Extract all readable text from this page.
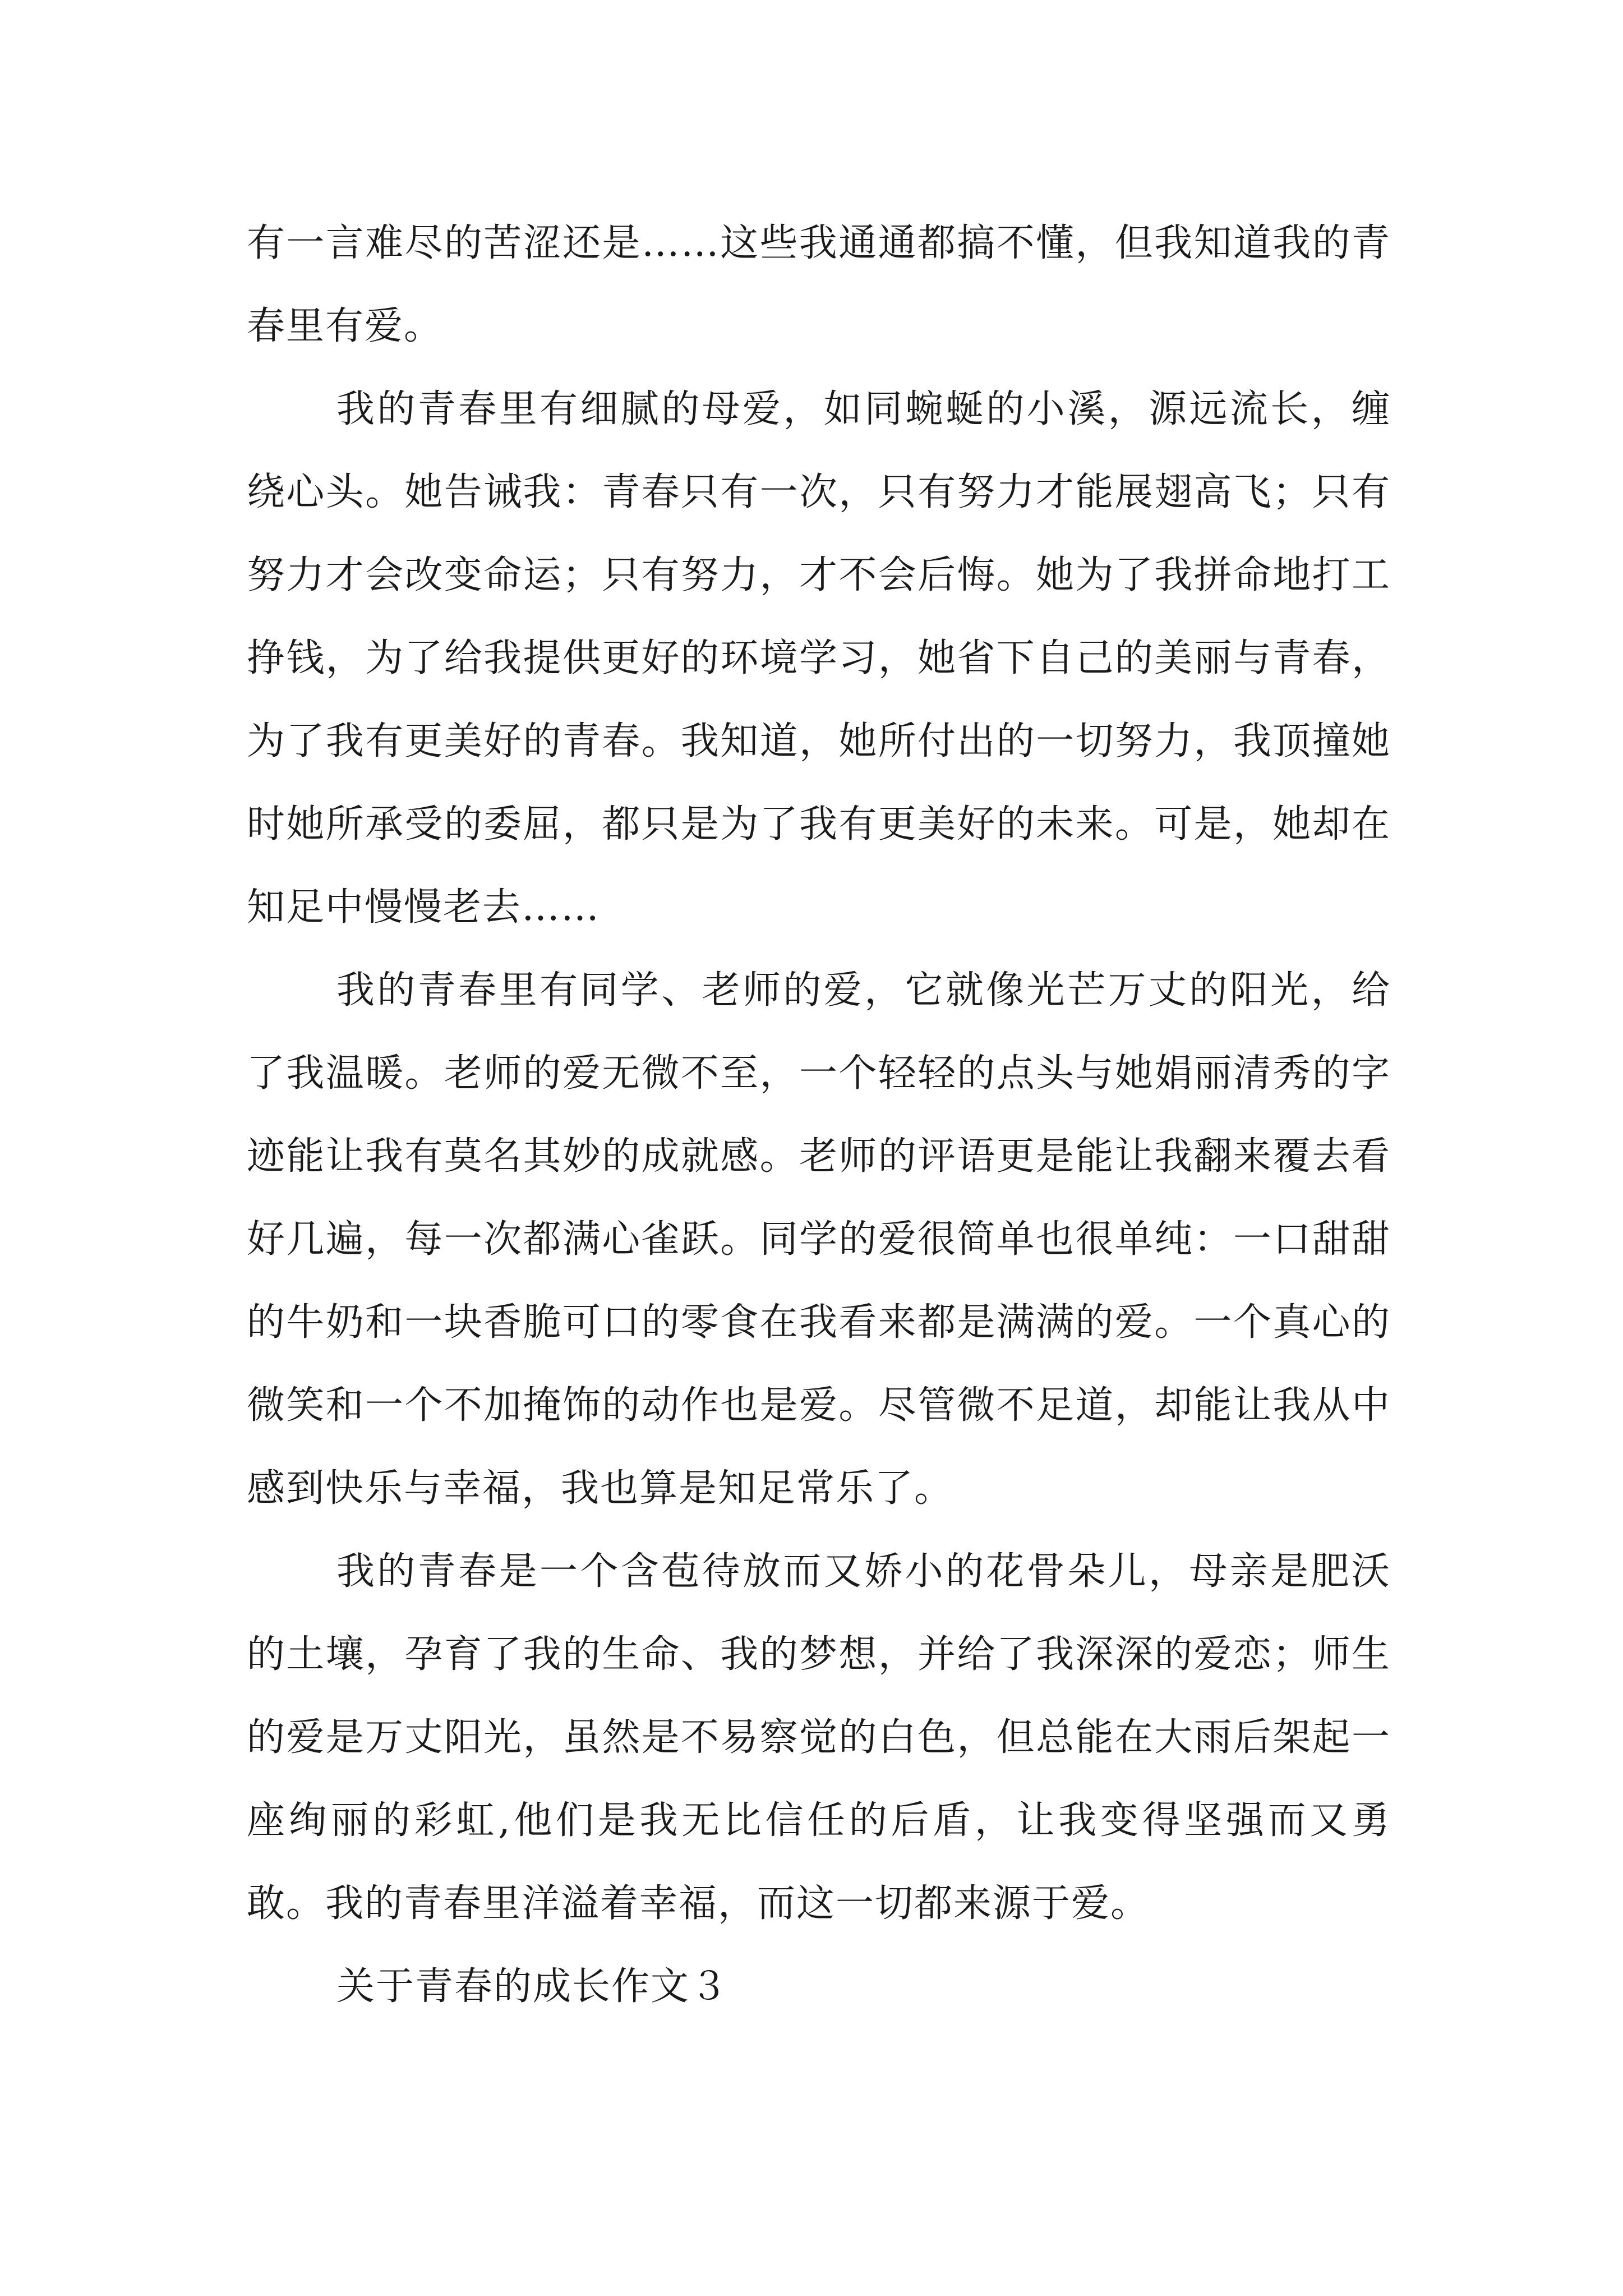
有一言难尽的苦涩还是……这些我通通都搞不懂，但我知道我的青春里有爱。

我的青春里有细腻的母爱，如同蜿蜒的小溪，源远流长，缠绕心头。她告诫我：青春只有一次，只有努力才能展翅高飞；只有努力才会改变命运；只有努力，才不会后悔。她为了我拼命地打工挣钱，为了给我提供更好的环境学习，她省下自己的美丽与青春，为了我有更美好的青春。我知道，她所付出的一切努力，我顶撞她时她所承受的委屈，都只是为了我有更美好的未来。可是，她却在知足中慢慢老去……

我的青春里有同学、老师的爱，它就像光芒万丈的阳光，给了我温暖。老师的爱无微不至，一个轻轻的点头与她娟丽清秀的字迹能让我有莫名其妙的成就感。老师的评语更是能让我翻来覆去看好几遍，每一次都满心雀跃。同学的爱很简单也很单纯：一口甜甜的牛奶和一块香脆可口的零食在我看来都是满满的爱。一个真心的微笑和一个不加掩饰的动作也是爱。尽管微不足道，却能让我从中感到快乐与幸福，我也算是知足常乐了。

我的青春是一个含苞待放而又娇小的花骨朵儿，母亲是肥沃的土壤，孕育了我的生命、我的梦想，并给了我深深的爱恋；师生的爱是万丈阳光，虽然是不易察觉的白色，但总能在大雨后架起一座绚丽的彩虹,他们是我无比信任的后盾，让我变得坚强而又勇敢。我的青春里洋溢着幸福，而这一切都来源于爱。

关于青春的成长作文３
